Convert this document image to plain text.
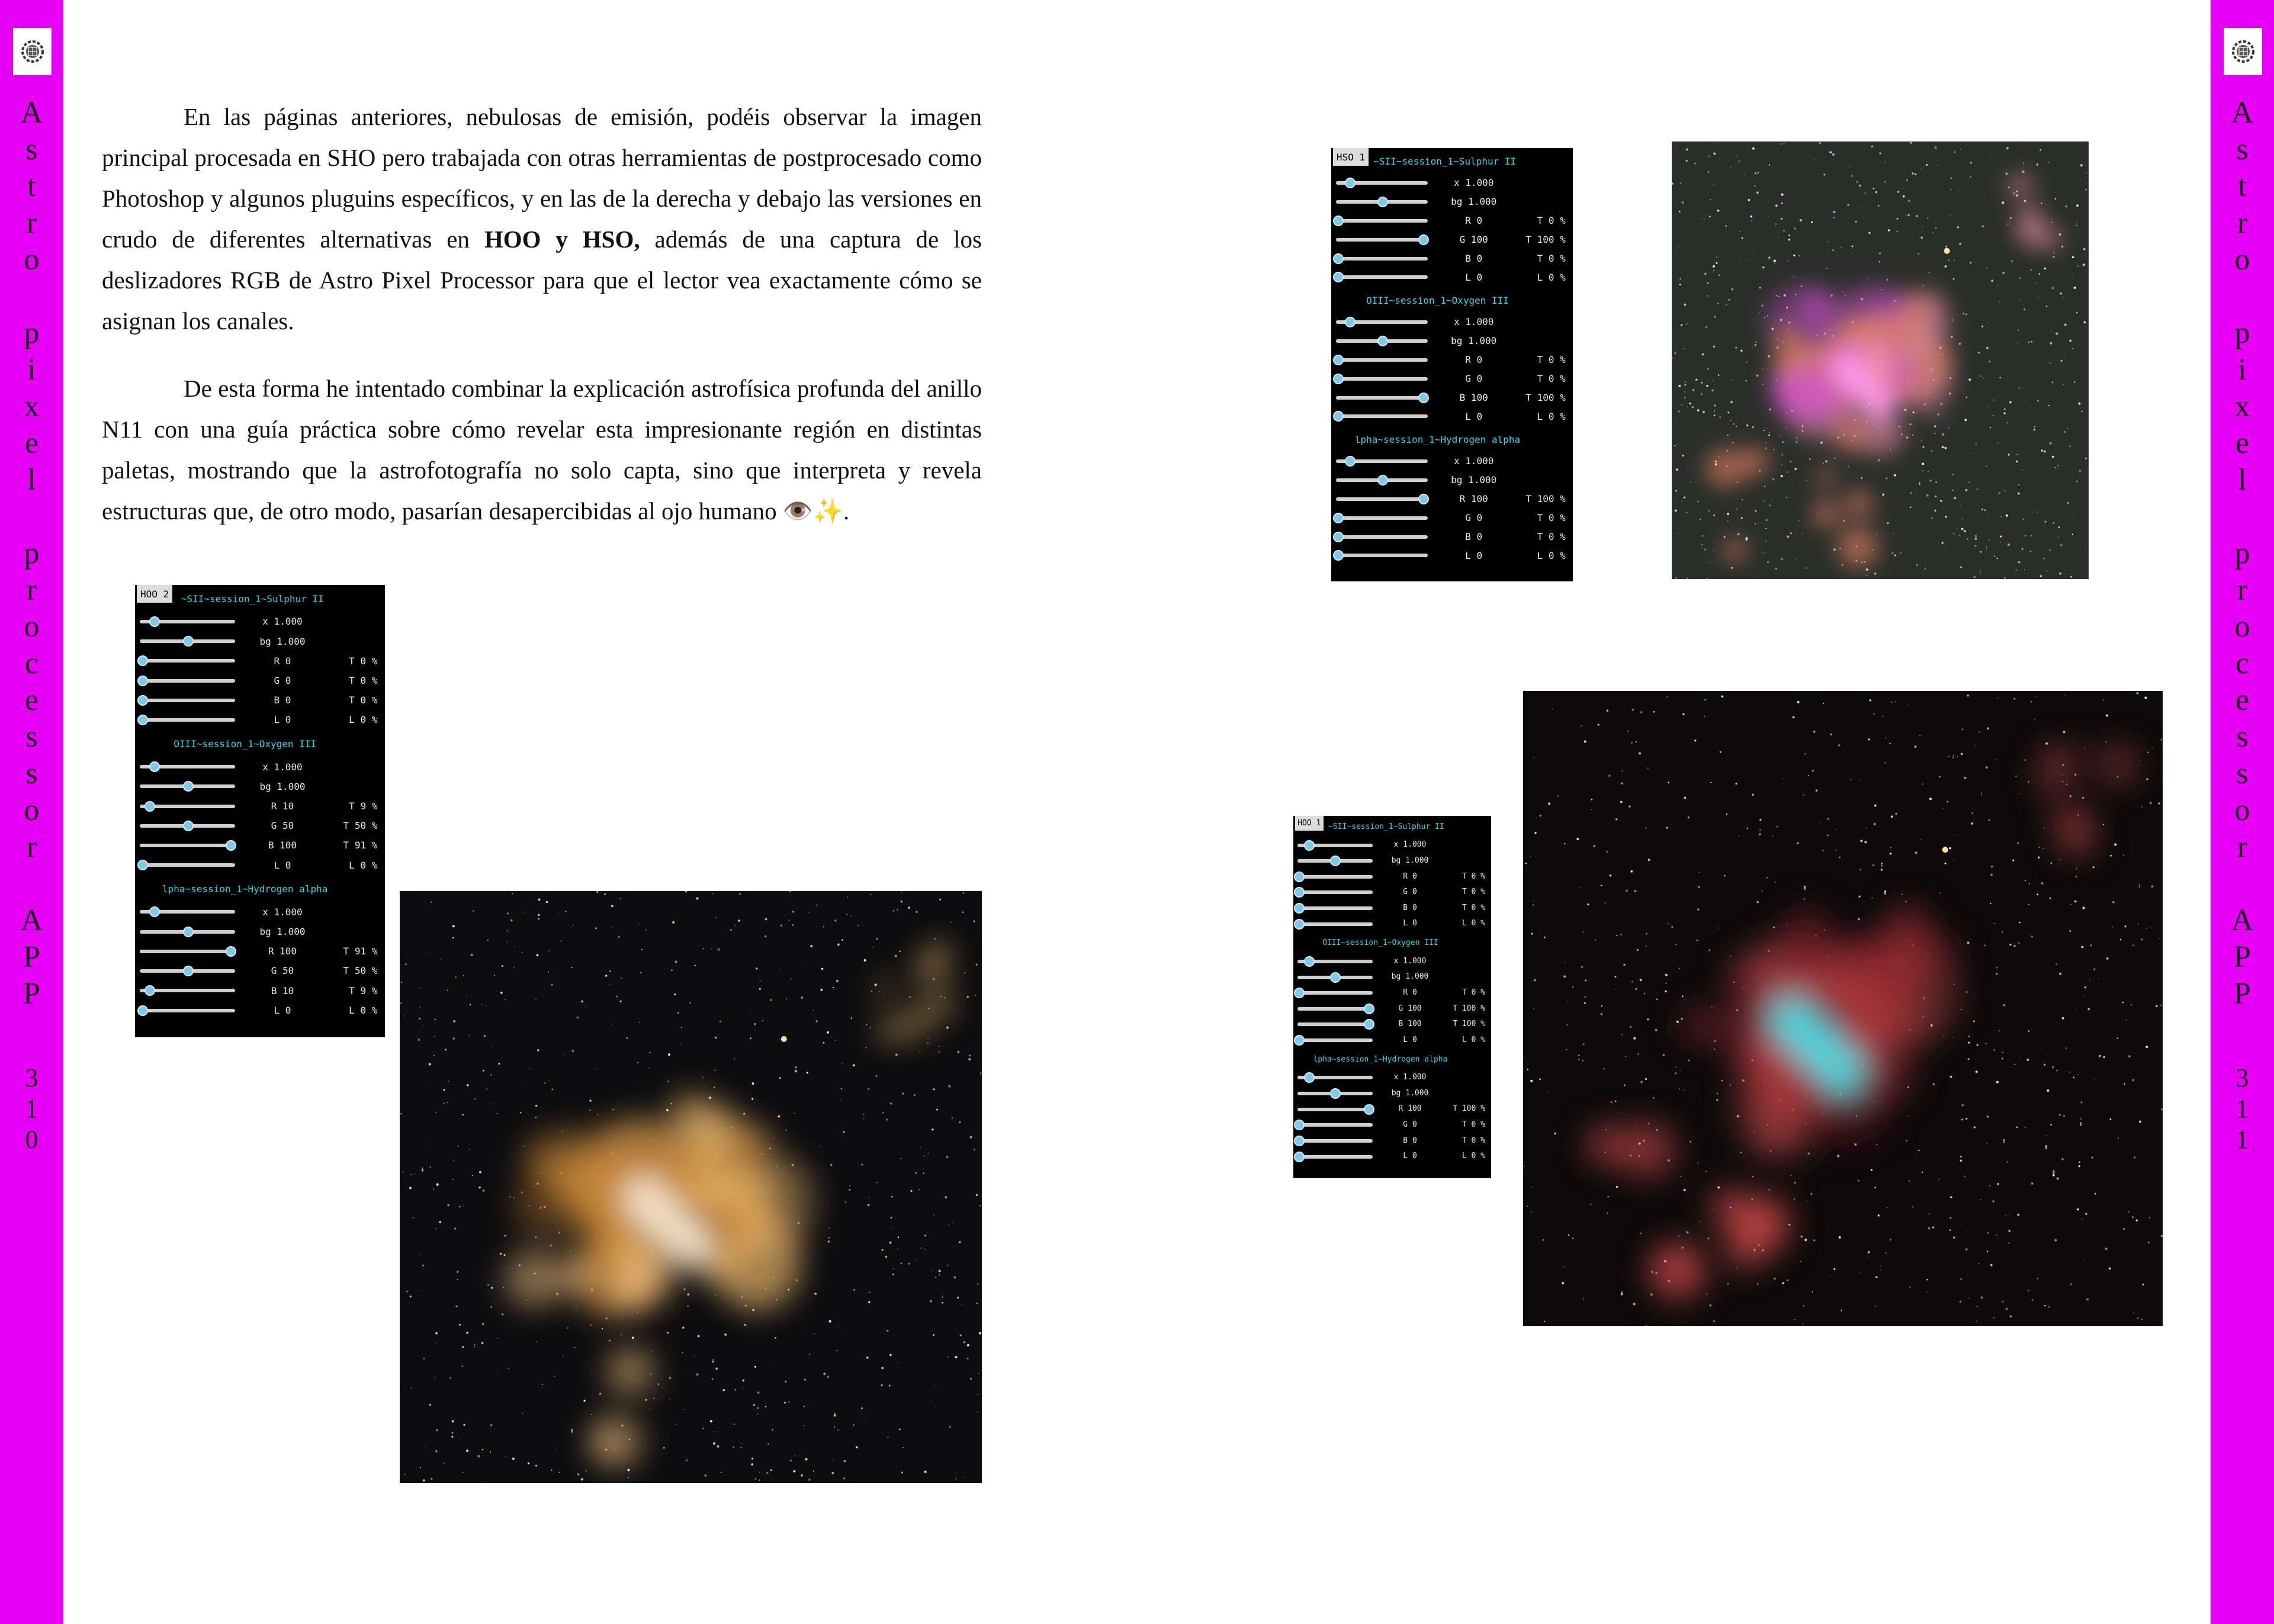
A
s
t
r
o
p
i
x
e
l
p
r
o
c
e
s
s
o
r
A
P
P
3
1
0
A
s
t
r
o
p
i
x
e
l
p
r
o
c
e
s
s
o
r
A
P
P
3
1
1

En las páginas anteriores, nebulosas de emisión, podéis observar la imagen principal procesada en SHO pero trabajada con otras herramientas de postprocesado como Photoshop y algunos pluguins específicos, y en las de la derecha y debajo las versiones en crudo de diferentes alternativas en HOO y HSO, además de una captura de los deslizadores RGB de Astro Pixel Processor para que el lector vea exactamente cómo se asignan los canales.

De esta forma he intentado combinar la explicación astrofísica profunda del anillo N11 con una guía práctica sobre cómo revelar esta impresionante región en distintas paletas, mostrando que la astrofotografía no solo capta, sino que interpreta y revela estructuras que, de otro modo, pasarían desapercibidas al ojo humano 👁️✨.

HOO 2	~SII~session_1~Sulphur II
x 1.000
bg 1.000
R 0	T 0 %
G 0	T 0 %
B 0	T 0 %
L 0	L 0 %
OIII~session_1~Oxygen III
x 1.000
bg 1.000
R 10	T 9 %
G 50	T 50 %
B 100	T 91 %
L 0	L 0 %
lpha~session_1~Hydrogen alpha
x 1.000
bg 1.000
R 100	T 91 %
G 50	T 50 %
B 10	T 9 %
L 0	L 0 %
HSO 1 ~SII~session_1~Sulphur II
x 1.000
bg 1.000
R 0	T 0 %
G 100	T 100 %
B 0	T 0 %
L 0	L 0 %
OIII~session_1~Oxygen III
x 1.000
bg 1.000
R 0	T 0 %
G 0	T 0 %
B 100	T 100 %
L 0	L 0 %
lpha~session_1~Hydrogen alpha
x 1.000
bg 1.000
R 100	T 100 %
G 0	T 0 %
B 0	T 0 %
L 0	L 0 %
HOO 1 ~SII~session_1~Sulphur II
x 1.000
bg 1.000
R 0	T 0 %
G 0	T 0 %
B 0	T 0 %
L 0	L 0 %
OIII~session_1~Oxygen III
x 1.000
bg 1.000
R 0	T 0 %
G 100	T 100 %
B 100	T 100 %
L 0	L 0 %
lpha~session_1~Hydrogen alpha
x 1.000
bg 1.000
R 100	T 100 %
G 0	T 0 %
B 0	T 0 %
L 0	L 0 %
